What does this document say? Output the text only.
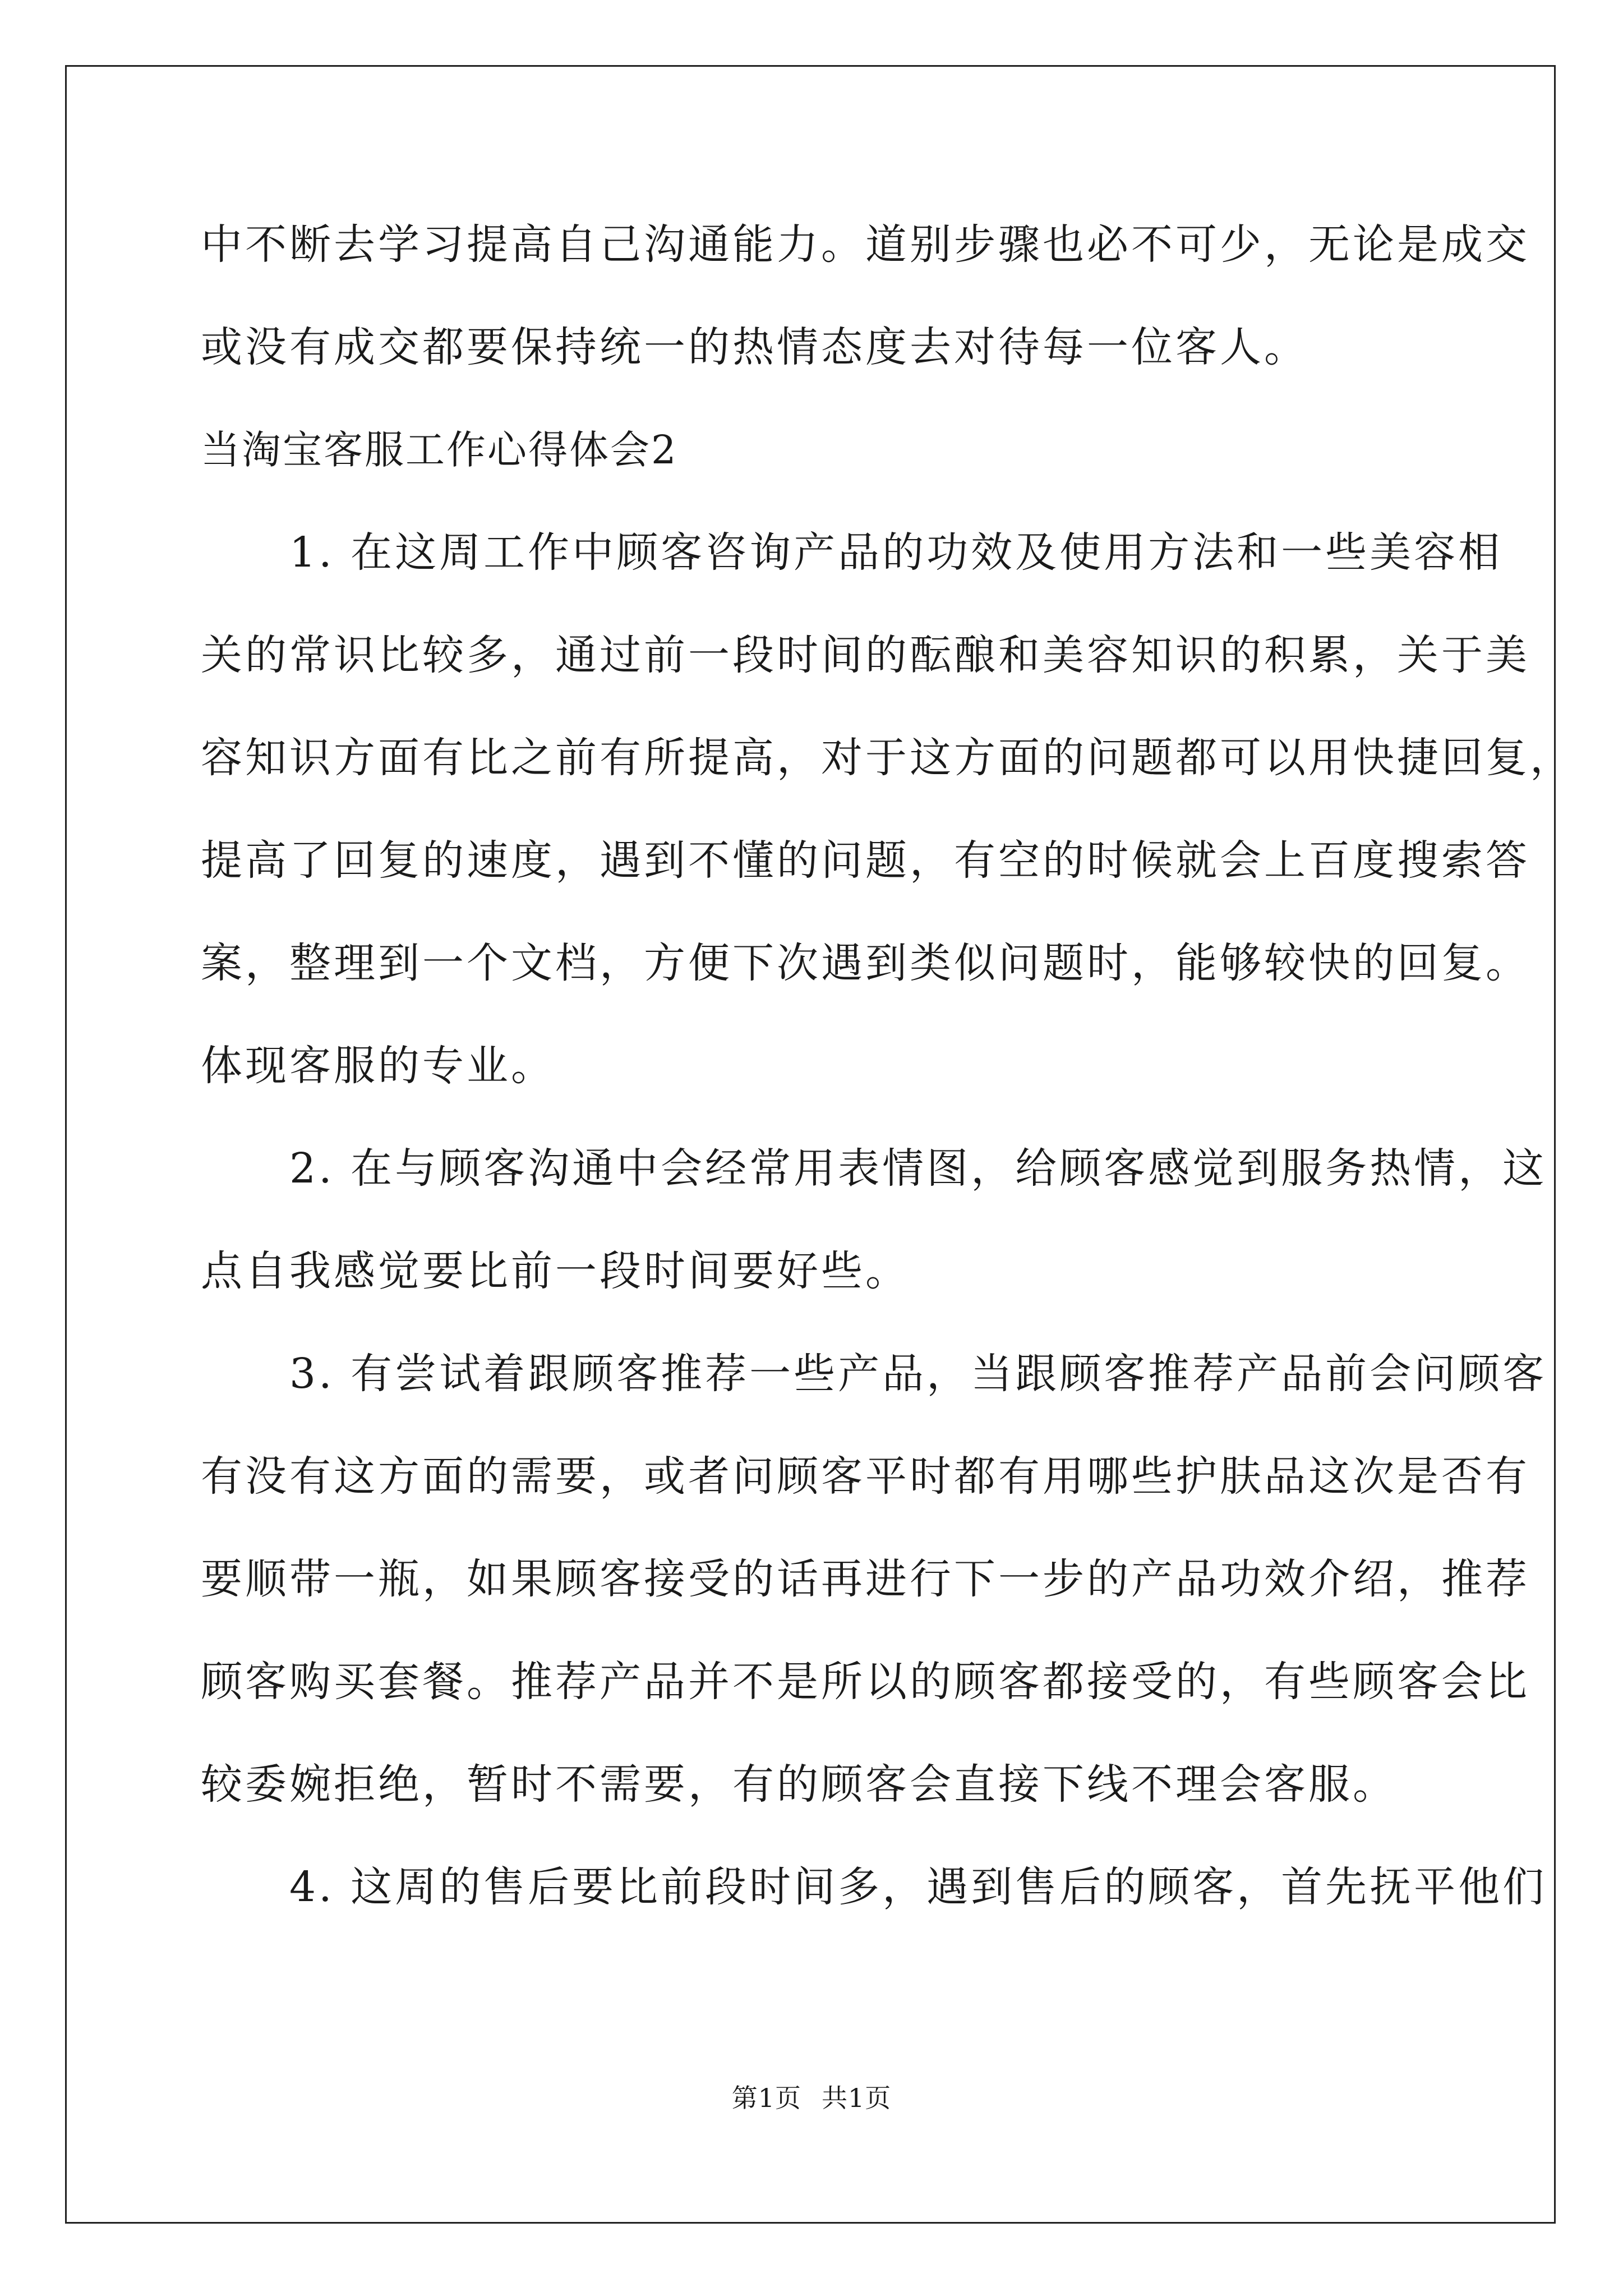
中不断去学习提高自己沟通能力。道别步骤也必不可少，无论是成交
或没有成交都要保持统一的热情态度去对待每一位客人。
当淘宝客服工作心得体会2
　　1. 在这周工作中顾客咨询产品的功效及使用方法和一些美容相
关的常识比较多，通过前一段时间的酝酿和美容知识的积累，关于美
容知识方面有比之前有所提高，对于这方面的问题都可以用快捷回复，
提高了回复的速度，遇到不懂的问题，有空的时候就会上百度搜索答
案，整理到一个文档，方便下次遇到类似问题时，能够较快的回复。
体现客服的专业。
　　2. 在与顾客沟通中会经常用表情图，给顾客感觉到服务热情，这
点自我感觉要比前一段时间要好些。
　　3. 有尝试着跟顾客推荐一些产品，当跟顾客推荐产品前会问顾客
有没有这方面的需要，或者问顾客平时都有用哪些护肤品这次是否有
要顺带一瓶，如果顾客接受的话再进行下一步的产品功效介绍，推荐
顾客购买套餐。推荐产品并不是所以的顾客都接受的，有些顾客会比
较委婉拒绝，暂时不需要，有的顾客会直接下线不理会客服。
　　4. 这周的售后要比前段时间多，遇到售后的顾客，首先抚平他们
第1页 共1页
